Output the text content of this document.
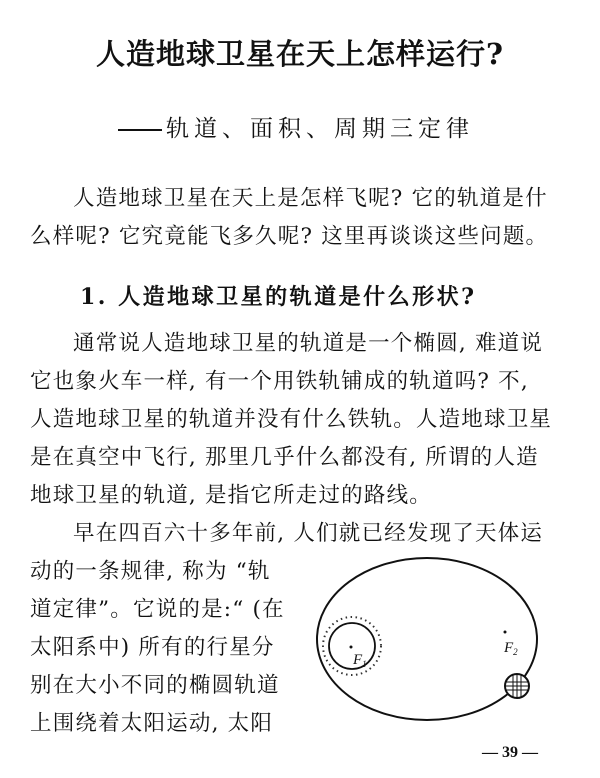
人造地球卫星在天上怎样运行?
轨道、面积、周期三定律
人造地球卫星在天上是怎样飞呢? 它的轨道是什
么样呢? 它究竟能飞多久呢? 这里再谈谈这些问题。
1. 人造地球卫星的轨道是什么形状?
通常说人造地球卫星的轨道是一个椭圆, 难道说
它也象火车一样, 有一个用铁轨铺成的轨道吗? 不,
人造地球卫星的轨道并没有什么铁轨。人造地球卫星
是在真空中飞行, 那里几乎什么都没有, 所谓的人造
地球卫星的轨道, 是指它所走过的路线。
早在四百六十多年前, 人们就已经发现了天体运
动的一条规律, 称为 “轨
道定律”。它说的是:“ (在
太阳系中) 所有的行星分
别在大小不同的椭圆轨道
上围绕着太阳运动, 太阳
$F_1$
$F_2$
— 39 —
